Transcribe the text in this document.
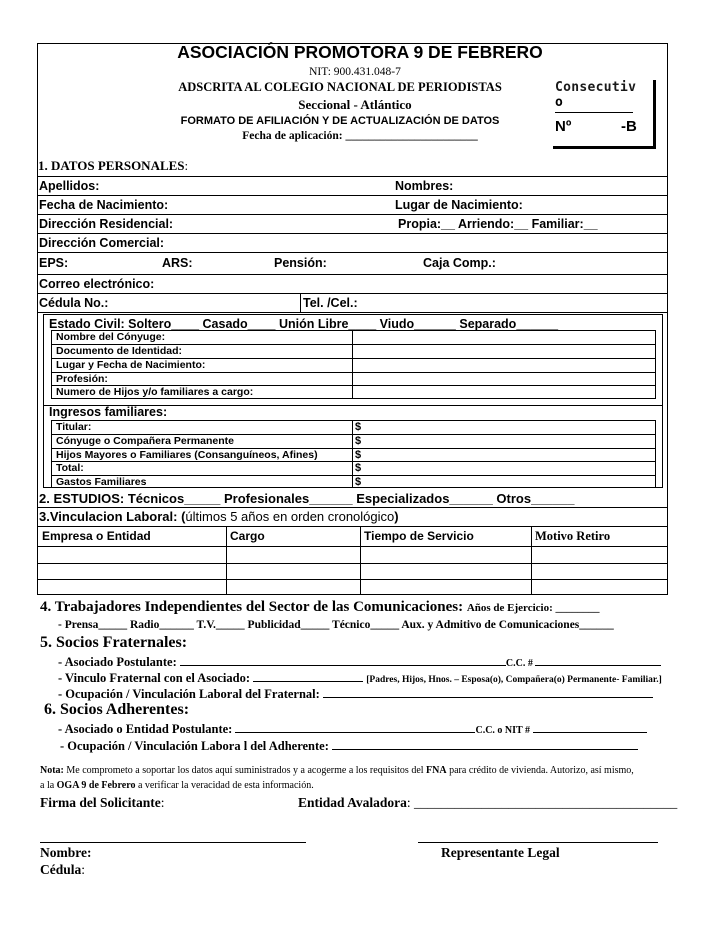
ASOCIACIÓN PROMOTORA 9 DE FEBRERO
NIT: 900.431.048-7
ADSCRITA AL COLEGIO NACIONAL DE PERIODISTAS
Seccional - Atlántico
FORMATO DE AFILIACIÓN Y DE ACTUALIZACIÓN DE DATOS
Fecha de aplicación: _______________________
Consecutiv
o
Nº	-B
1. DATOS PERSONALES:
Apellidos:	Nombres:
Fecha de Nacimiento:	Lugar de Nacimiento:
Dirección Residencial:	Propia:__ Arriendo:__ Familiar:__
Dirección Comercial:
EPS:	ARS:	Pensión:	Caja Comp.:
Correo electrónico:
Cédula No.:	Tel. /Cel.:
Estado Civil: Soltero____ Casado____ Unión Libre____ Viudo______ Separado______
Nombre del Cónyuge:
Documento de Identidad:
Lugar y Fecha de Nacimiento:
Profesión:
Numero de Hijos y/o familiares a cargo:
Ingresos familiares:
Titular:	$
Cónyuge o Compañera Permanente	$
Hijos Mayores o Familiares (Consanguíneos, Afines)	$
Total:	$
Gastos Familiares	$
2. ESTUDIOS: Técnicos_____ Profesionales______ Especializados______ Otros______
3.Vinculacion Laboral: (últimos 5 años en orden cronológico)
Empresa o Entidad	Cargo	Tiempo de Servicio	Motivo Retiro
4. Trabajadores Independientes del Sector de las Comunicaciones: Años de Ejercicio: ________
- Prensa_____ Radio______ T.V._____ Publicidad_____ Técnico_____ Aux. y Admitivo de Comunicaciones______
5. Socios Fraternales:
- Asociado Postulante:	C.C. #
- Vinculo Fraternal con el Asociado:	[Padres, Hijos, Hnos. – Esposa(o), Compañera(o) Permanente- Familiar.]
- Ocupación / Vinculación Laboral del Fraternal:
6. Socios Adherentes:
- Asociado o Entidad Postulante:	C.C. o NIT #
- Ocupación / Vinculación Labora l del Adherente:
Nota: Me comprometo a soportar los datos aquí suministrados y a acogerme a los requisitos del FNA para crédito de vivienda. Autorizo, así mismo,
a la OGA 9 de Febrero a verificar la veracidad de esta información.
Firma del Solicitante:	Entidad Avaladora: _______________________________________
Nombre:	Representante Legal
Cédula:
